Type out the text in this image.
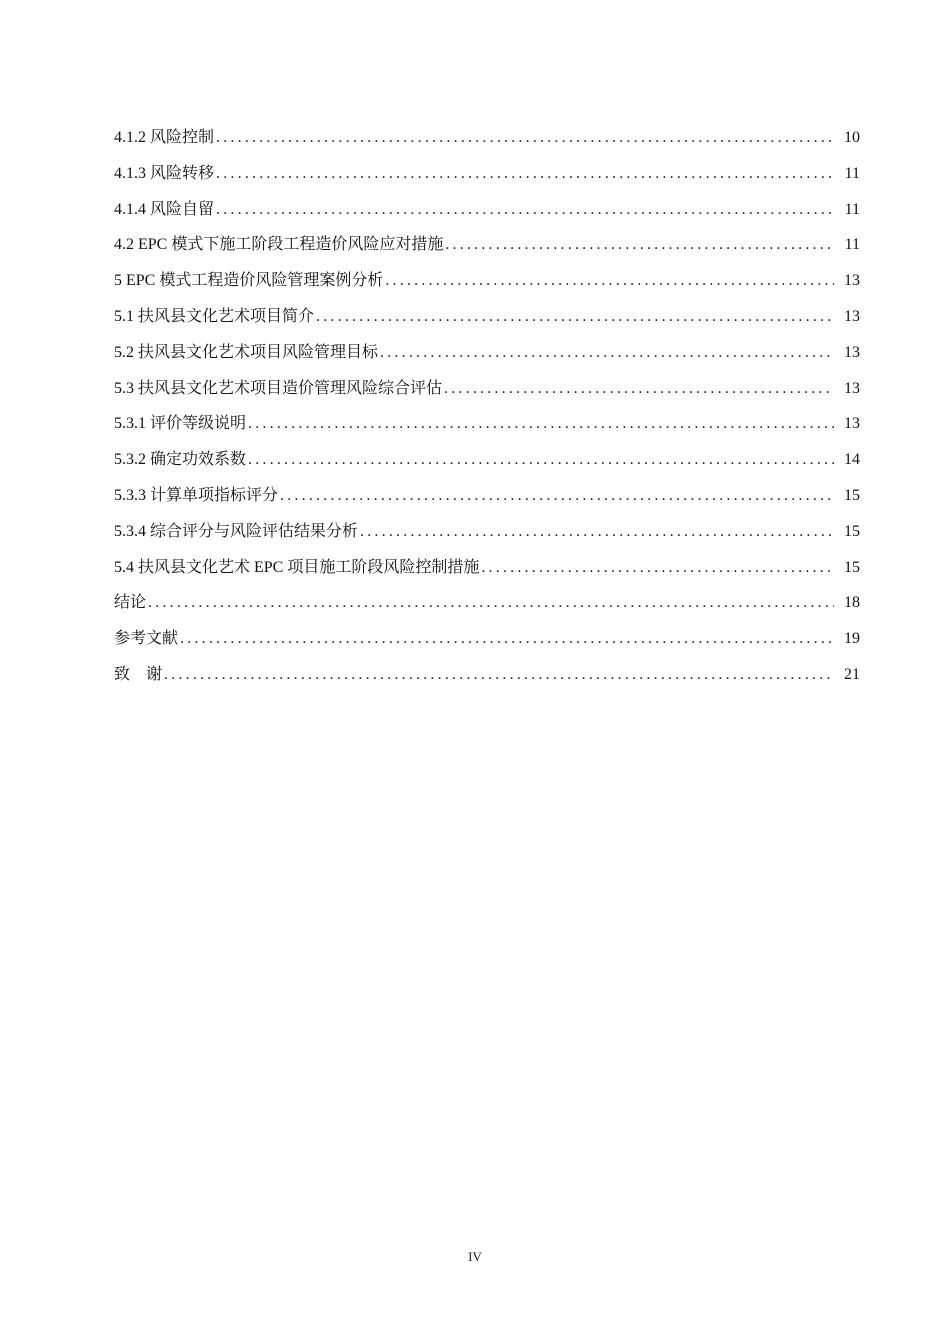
4.1.2 风险控制 .....	10
4.1.3 风险转移 .....	11
4.1.4 风险自留 .....	11
4.2 EPC 模式下施工阶段工程造价风险应对措施 .....	11
5 EPC 模式工程造价风险管理案例分析 .....	13
5.1 扶风县文化艺术项目简介 .....	13
5.2 扶风县文化艺术项目风险管理目标 .....	13
5.3 扶风县文化艺术项目造价管理风险综合评估 .....	13
5.3.1 评价等级说明 .....	13
5.3.2 确定功效系数 .....	14
5.3.3 计算单项指标评分 .....	15
5.3.4 综合评分与风险评估结果分析 .....	15
5.4 扶风县文化艺术 EPC 项目施工阶段风险控制措施 .....	15
结论 .....	18
参考文献 .....	19
致    谢 .....	21
IV
